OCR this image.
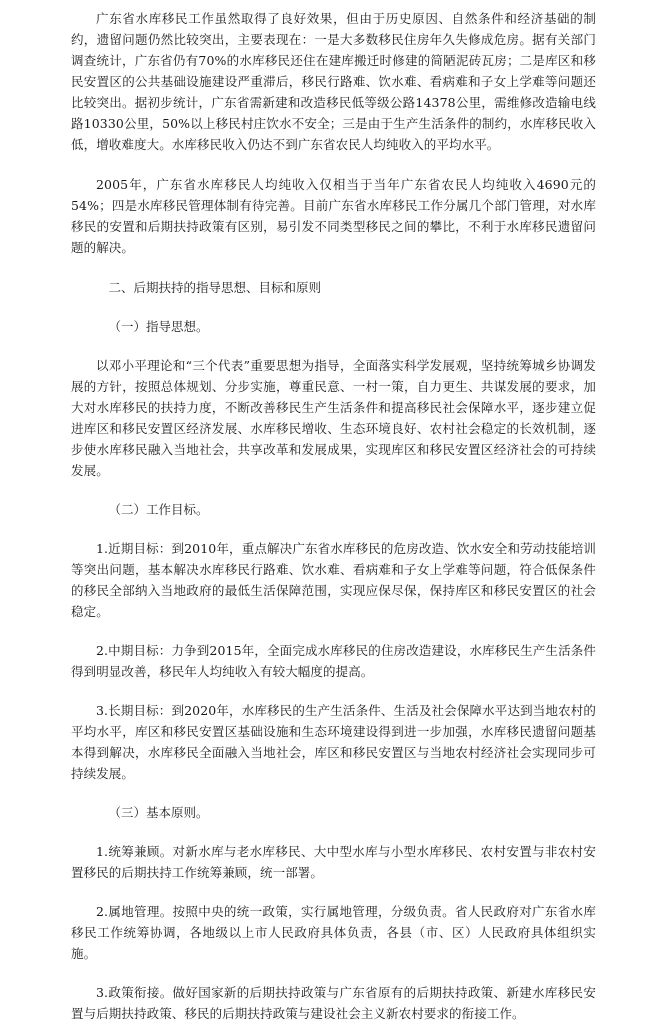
广东省水库移民工作虽然取得了良好效果，但由于历史原因、自然条件和经济基础的制约，遗留问题仍然比较突出，主要表现在：一是大多数移民住房年久失修成危房。据有关部门调查统计，广东省仍有70%的水库移民还住在建库搬迁时修建的简陋泥砖瓦房；二是库区和移民安置区的公共基础设施建设严重滞后，移民行路难、饮水难、看病难和子女上学难等问题还比较突出。据初步统计，广东省需新建和改造移民低等级公路14378公里，需维修改造输电线路10330公里，50%以上移民村庄饮水不安全；三是由于生产生活条件的制约，水库移民收入低，增收难度大。水库移民收入仍达不到广东省农民人均纯收入的平均水平。

2005年，广东省水库移民人均纯收入仅相当于当年广东省农民人均纯收入4690元的54%；四是水库移民管理体制有待完善。目前广东省水库移民工作分属几个部门管理，对水库移民的安置和后期扶持政策有区别，易引发不同类型移民之间的攀比，不利于水库移民遗留问题的解决。

二、后期扶持的指导思想、目标和原则

（一）指导思想。

以邓小平理论和“三个代表”重要思想为指导，全面落实科学发展观，坚持统筹城乡协调发展的方针，按照总体规划、分步实施，尊重民意、一村一策，自力更生、共谋发展的要求，加大对水库移民的扶持力度，不断改善移民生产生活条件和提高移民社会保障水平，逐步建立促进库区和移民安置区经济发展、水库移民增收、生态环境良好、农村社会稳定的长效机制，逐步使水库移民融入当地社会，共享改革和发展成果，实现库区和移民安置区经济社会的可持续发展。

（二）工作目标。

1.近期目标：到2010年，重点解决广东省水库移民的危房改造、饮水安全和劳动技能培训等突出问题，基本解决水库移民行路难、饮水难、看病难和子女上学难等问题，符合低保条件的移民全部纳入当地政府的最低生活保障范围，实现应保尽保，保持库区和移民安置区的社会稳定。

2.中期目标：力争到2015年，全面完成水库移民的住房改造建设，水库移民生产生活条件得到明显改善，移民年人均纯收入有较大幅度的提高。

3.长期目标：到2020年，水库移民的生产生活条件、生活及社会保障水平达到当地农村的平均水平，库区和移民安置区基础设施和生态环境建设得到进一步加强，水库移民遗留问题基本得到解决，水库移民全面融入当地社会，库区和移民安置区与当地农村经济社会实现同步可持续发展。

（三）基本原则。

1.统筹兼顾。对新水库与老水库移民、大中型水库与小型水库移民、农村安置与非农村安置移民的后期扶持工作统筹兼顾，统一部署。

2.属地管理。按照中央的统一政策，实行属地管理，分级负责。省人民政府对广东省水库移民工作统筹协调，各地级以上市人民政府具体负责，各县（市、区）人民政府具体组织实施。

3.政策衔接。做好国家新的后期扶持政策与广东省原有的后期扶持政策、新建水库移民安置与后期扶持政策、移民的后期扶持政策与建设社会主义新农村要求的衔接工作。
